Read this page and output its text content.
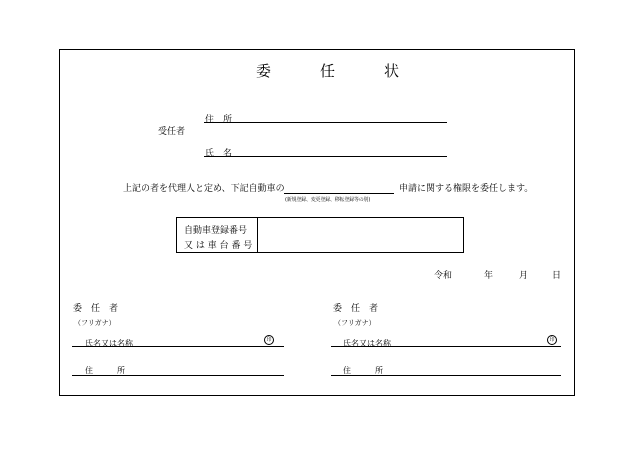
委　任　状
受任者
住　所
氏　名
上記の者を代理人と定め、下記自動車の
(新規登録、変更登録、移転登録等の別)
申請に関する権限を委任します。
自動車登録番号
又 は 車 台 番 号
令和	年	月	日
委　任　者
（フリガナ）
氏名又は名称	印
住　　　所
委　任　者
（フリガナ）
氏名又は名称	印
住　　　所
